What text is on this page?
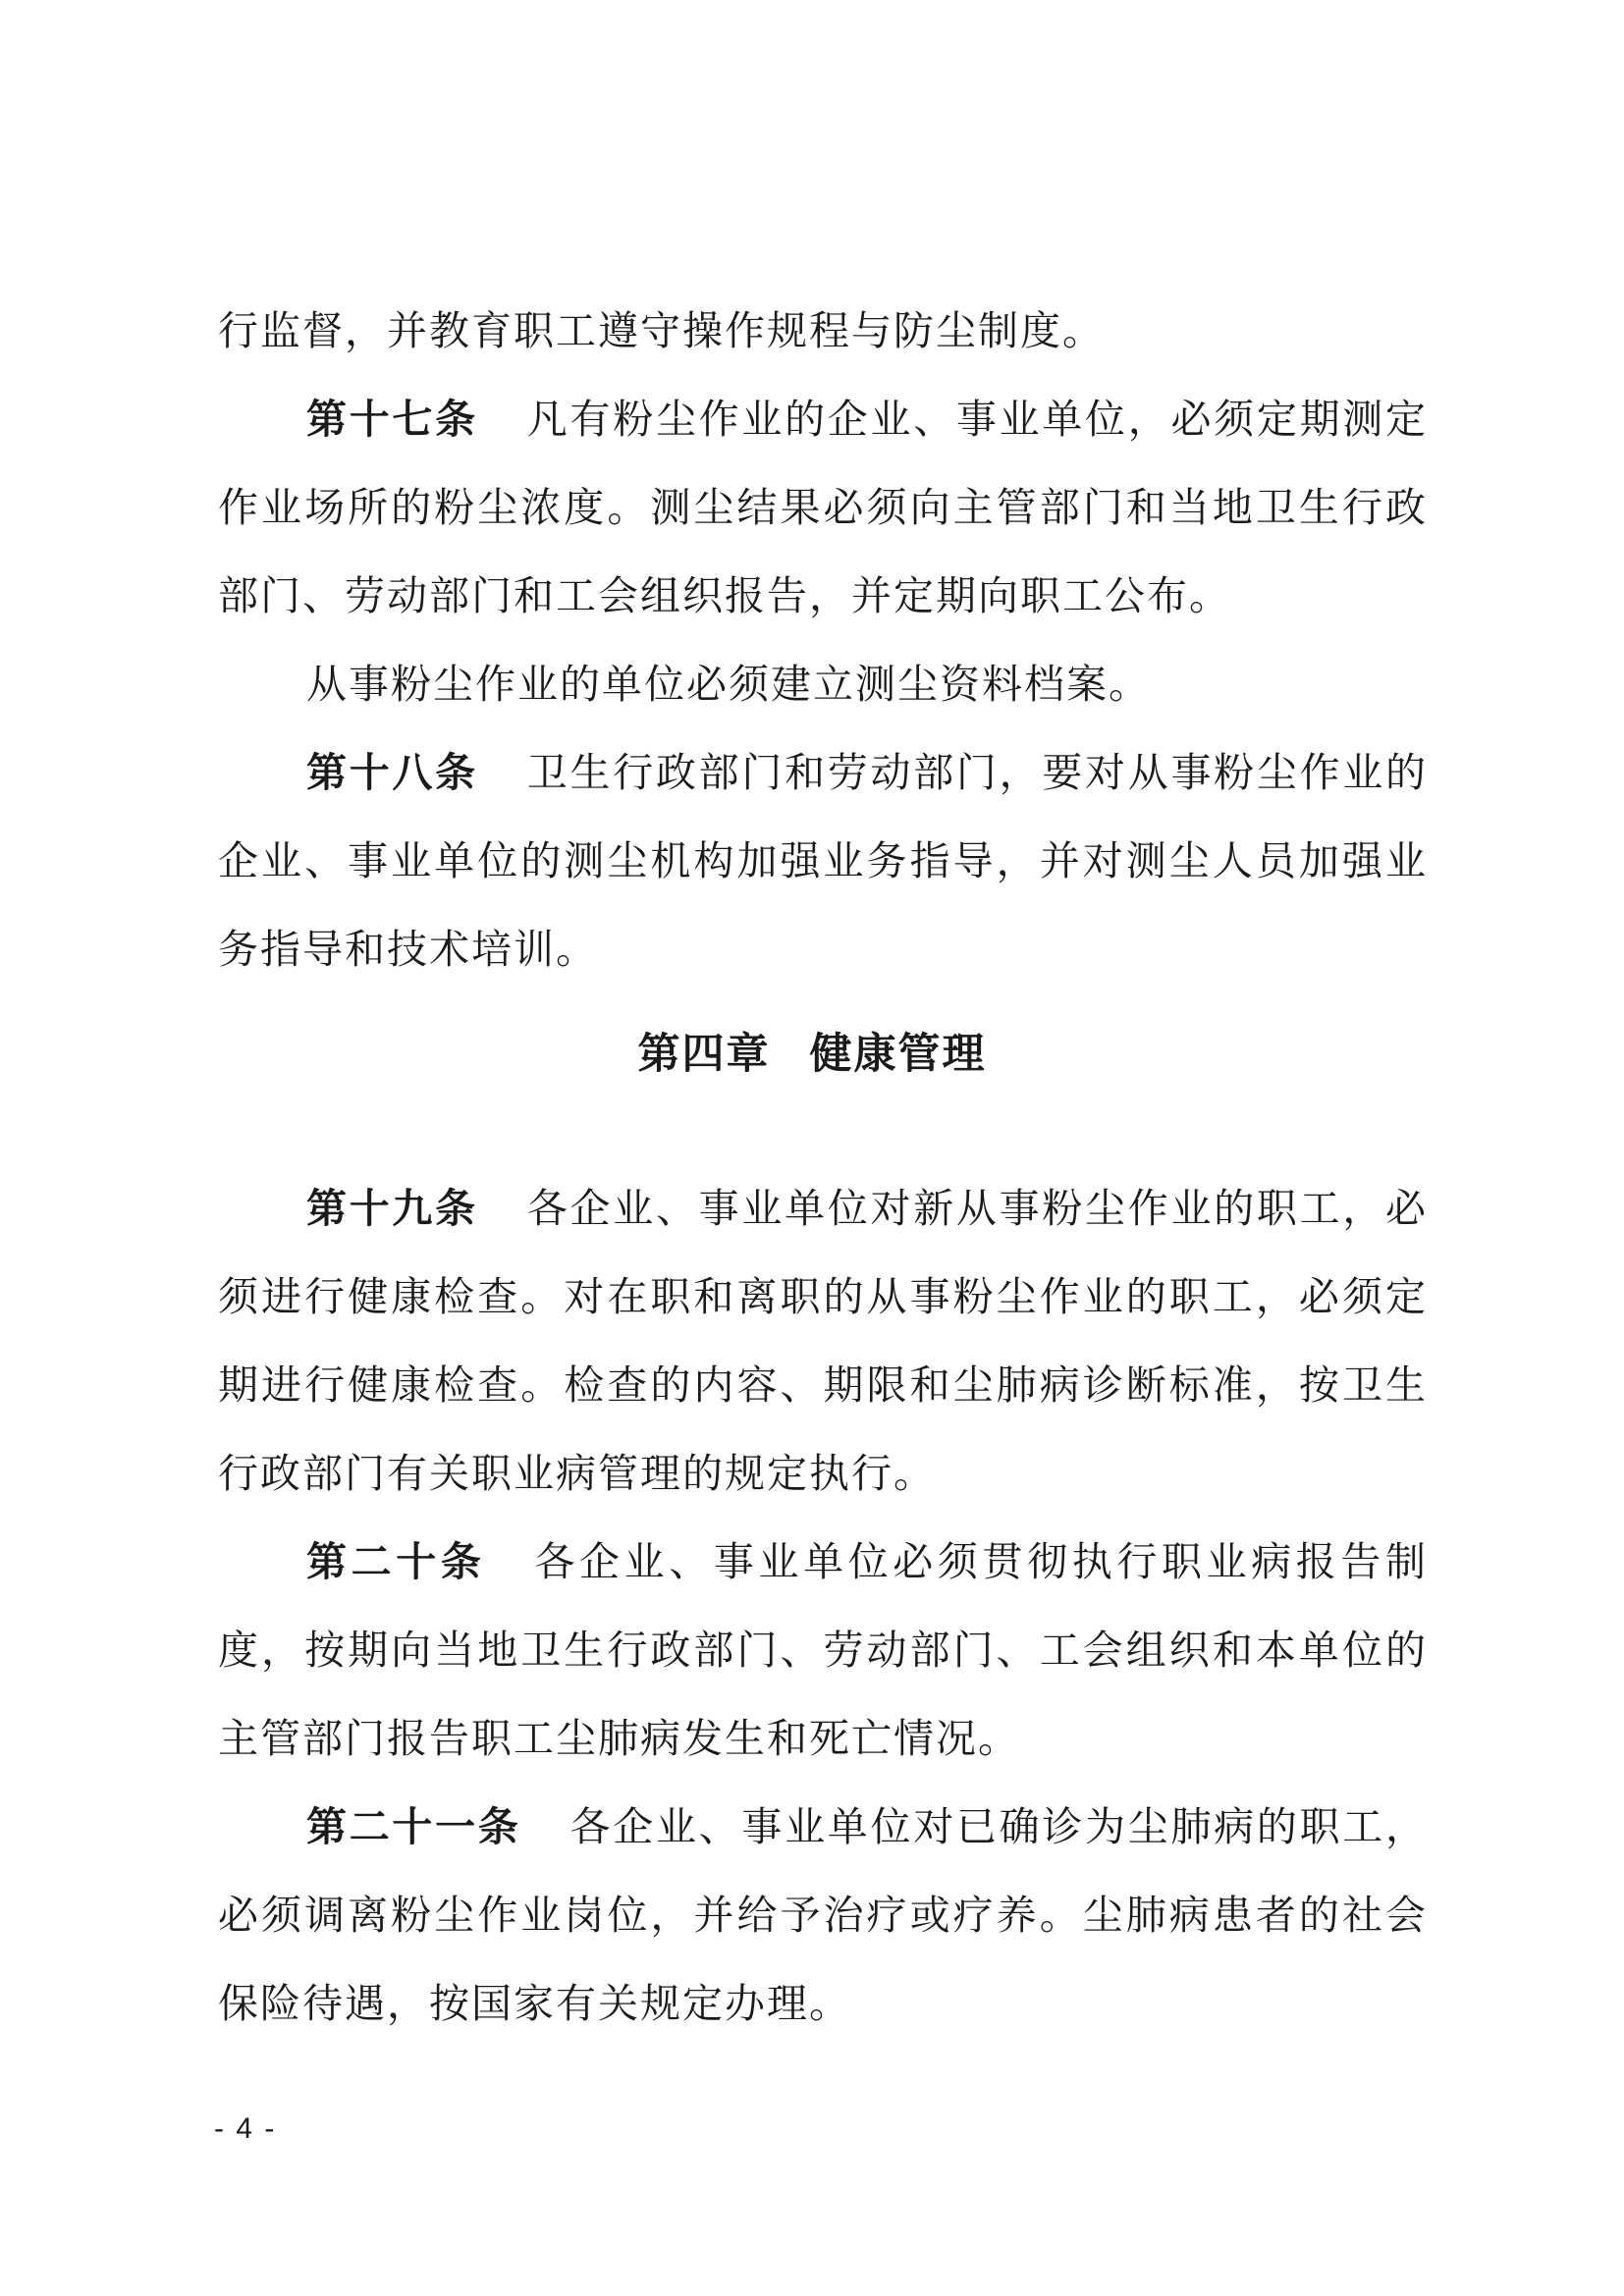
行监督，并教育职工遵守操作规程与防尘制度。

第十七条 凡有粉尘作业的企业、事业单位，必须定期测定作业场所的粉尘浓度。测尘结果必须向主管部门和当地卫生行政部门、劳动部门和工会组织报告，并定期向职工公布。

从事粉尘作业的单位必须建立测尘资料档案。

第十八条 卫生行政部门和劳动部门，要对从事粉尘作业的企业、事业单位的测尘机构加强业务指导，并对测尘人员加强业务指导和技术培训。

第四章 健康管理

第十九条 各企业、事业单位对新从事粉尘作业的职工，必须进行健康检查。对在职和离职的从事粉尘作业的职工，必须定期进行健康检查。检查的内容、期限和尘肺病诊断标准，按卫生行政部门有关职业病管理的规定执行。

第二十条 各企业、事业单位必须贯彻执行职业病报告制度，按期向当地卫生行政部门、劳动部门、工会组织和本单位的主管部门报告职工尘肺病发生和死亡情况。

第二十一条 各企业、事业单位对已确诊为尘肺病的职工，必须调离粉尘作业岗位，并给予治疗或疗养。尘肺病患者的社会保险待遇，按国家有关规定办理。

- 4 -
